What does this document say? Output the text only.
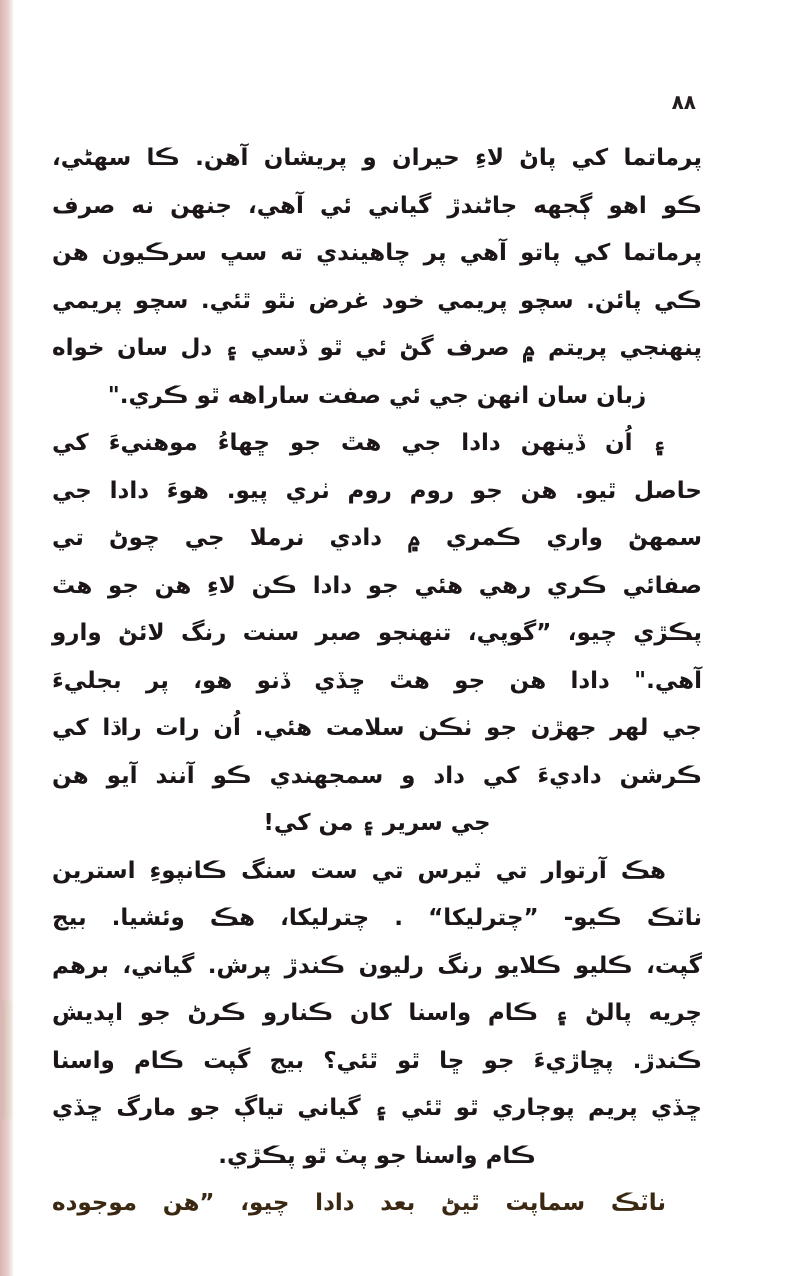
٨٨
پرماتما کي پاڻ لاءِ حيران و پريشان آهن. ڪا سهڻي،
ڪو اهو ڳجهه جاڻندڙ گياني ئي آهي، جنهن نه صرف
پرماتما کي پاتو آهي پر چاهيندي ته سڀ سرڪيون هن
ڪي پائن. سچو پريمي خود غرض نٿو ٿئي. سچو پريمي
پنهنجي پريتم ۾ صرف گڻ ئي ٿو ڏسي ۽ دل سان خواه
زبان سان انهن جي ئي صفت ساراهه ٿو ڪري."
۽ اُن ڏينهن دادا جي هٿ جو ڇهاءُ موهنيءَ کي
حاصل ٿيو. هن جو روم روم ٺري پيو. هوءَ دادا جي
سمهڻ واري ڪمري ۾ دادي نرملا جي چوڻ تي
صفائي ڪري رهي هئي جو دادا ڪن لاءِ هن جو هٿ
پڪڙي چيو، ”گوپي، تنهنجو صبر سنت رنگ لائڻ وارو
آهي." دادا هن جو هٿ ڇڏي ڏنو هو، پر بجليءَ
جي لهر جهڙن جو ٺڪن سلامت هئي. اُن رات راڌا کي
ڪرشن دادي‌ءَ کي داد و سمجهندي ڪو آنند آيو هن
جي سرير ۽ من کي!
هڪ آرتوار تي ٽيرس تي ست سنگ ڪانپوءِ استرين
ناٽڪ ڪيو- ”چترليکا“ . چترليکا، هڪ وئشيا. بيج
گپت، ڪليو ڪلايو رنگ رليون ڪندڙ پرش. گياني، برهم
چريه پالڻ ۽ ڪام واسنا کان ڪنارو ڪرڻ جو اپديش
ڪندڙ. پڇاڙيءَ جو ڇا ٿو ٿئي؟ بيج گپت ڪام واسنا
ڇڏي پريم پوڄاري ٿو ٿئي ۽ گياني تياڳ جو مارگ ڇڏي
ڪام واسنا جو پٽ ٿو پڪڙي.
ناٽڪ سماپت ٿيڻ بعد دادا چيو، ”هن موجوده
